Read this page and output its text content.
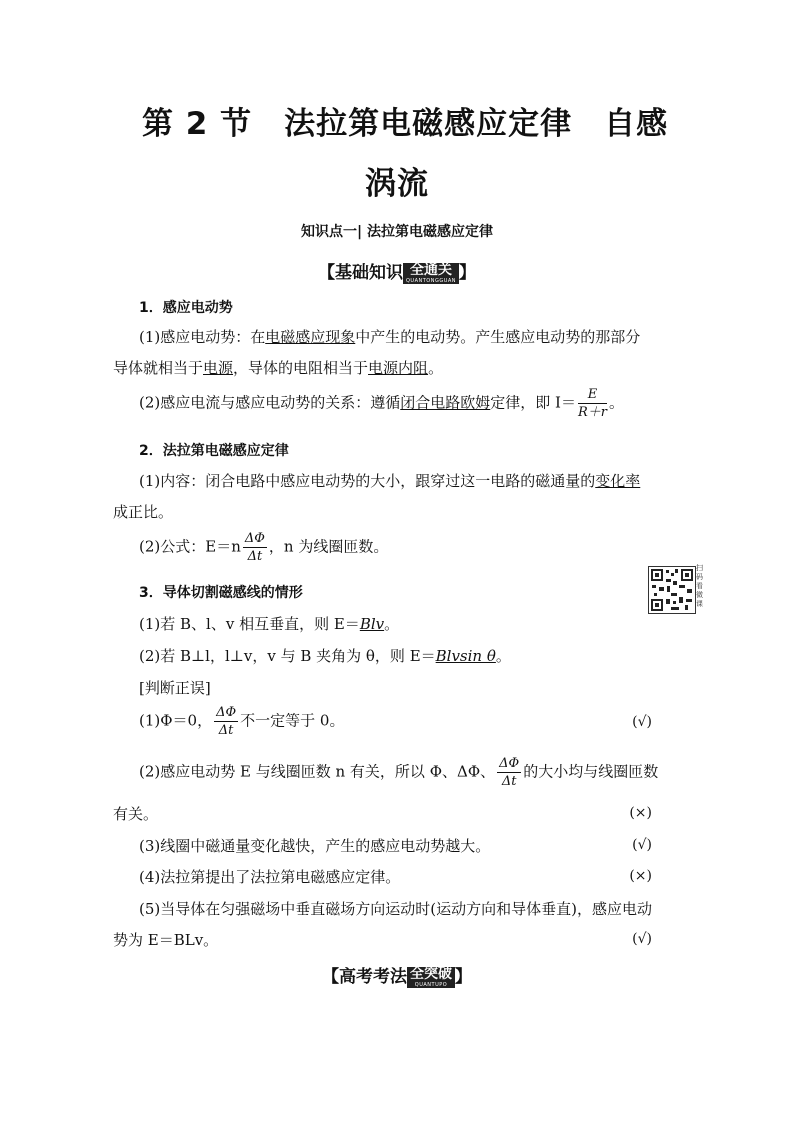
第 2 节　法拉第电磁感应定律　自感
涡流
知识点一| 法拉第电磁感应定律
【基础知识 全通关
QUANTONGGUAN 】
1．感应电动势
(1)感应电动势：在电磁感应现象中产生的电动势。产生感应电动势的那部分
导体就相当于电源，导体的电阻相当于电源内阻。
(2)感应电流与感应电动势的关系：遵循闭合电路欧姆定律，即 $I= \frac{E}{R+r}$ 。
2．法拉第电磁感应定律
(1)内容：闭合电路中感应电动势的大小，跟穿过这一电路的磁通量的变化率
成正比。
(2)公式：$E=n \frac{\Delta\Phi}{\Delta t}$ ，n 为线圈匝数。
3．导体切割磁感线的情形
扫码看微课
(1)若 B、l、v 相互垂直，则 E＝Blv。
(2)若 B⊥l，l⊥v，v 与 B 夹角为 θ，则 E＝Blvsin θ。
[判断正误]
(1)Φ＝0， $\frac{\Delta\Phi}{\Delta t}$ 不一定等于 0。	(√)

(2)感应电动势 E 与线圈匝数 n 有关，所以 Φ、ΔΦ、 $\frac{\Delta\Phi}{\Delta t}$ 的大小均与线圈匝数
有关。	(×)
(3)线圈中磁通量变化越快，产生的感应电动势越大。	(√)
(4)法拉第提出了法拉第电磁感应定律。	(×)
(5)当导体在匀强磁场中垂直磁场方向运动时(运动方向和导体垂直)，感应电动
势为 E＝BLv。	(√)
【高考考法 全突破
QUANTUPO 】
